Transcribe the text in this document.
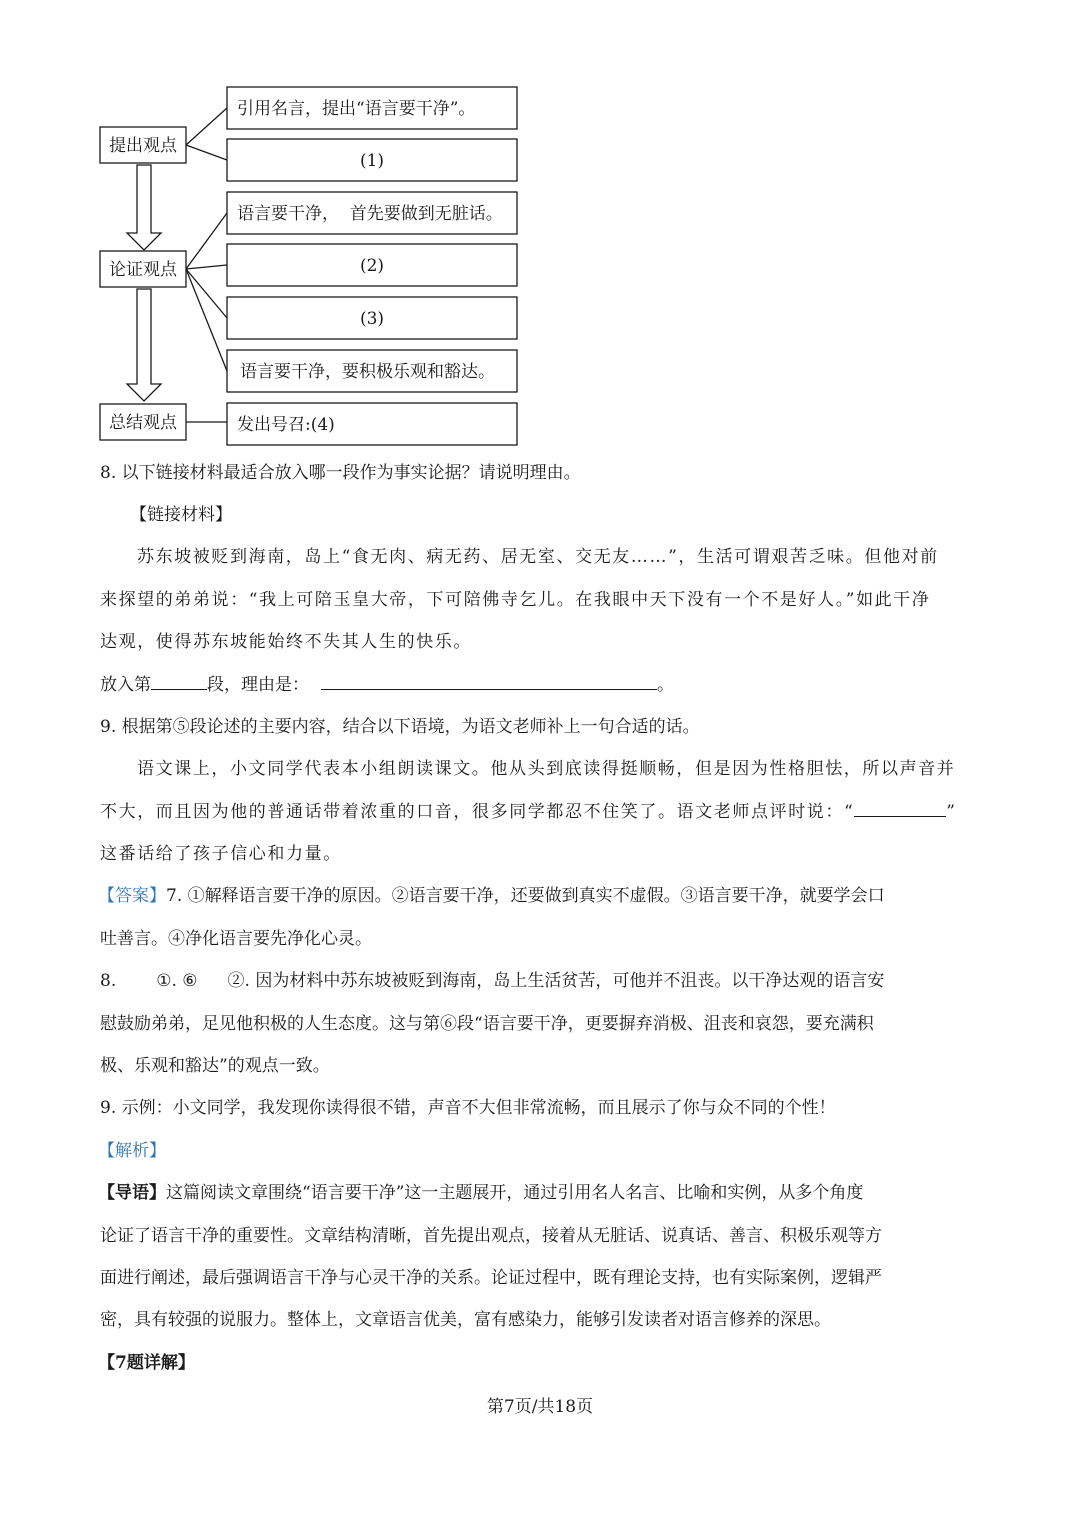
提出观点
论证观点
总结观点
引用名言，提出“语言要干净”。
(1)
语言要干净，  首先要做到无脏话。
(2)
(3)
语言要干净，要积极乐观和豁达。
发出号召:(4)
8. 以下链接材料最适合放入哪一段作为事实论据？请说明理由。
【链接材料】
苏东坡被贬到海南，岛上“食无肉、病无药、居无室、交无友……”，生活可谓艰苦乏味。但他对前
来探望的弟弟说：“我上可陪玉皇大帝，下可陪佛寺乞儿。在我眼中天下没有一个不是好人。”如此干净
达观，使得苏东坡能始终不失其人生的快乐。
放入第	段，理由是：	。
9. 根据第⑤段论述的主要内容，结合以下语境，为语文老师补上一句合适的话。
语文课上，小文同学代表本小组朗读课文。他从头到底读得挺顺畅，但是因为性格胆怯，所以声音并
不大，而且因为他的普通话带着浓重的口音，很多同学都忍不住笑了。语文老师点评时说：“	”
这番话给了孩子信心和力量。
【答案】7. ①解释语言要干净的原因。②语言要干净，还要做到真实不虚假。③语言要干净，就要学会口
吐善言。④净化语言要先净化心灵。
8. ①. ⑥ ②. 因为材料中苏东坡被贬到海南，岛上生活贫苦，可他并不沮丧。以干净达观的语言安
慰鼓励弟弟，足见他积极的人生态度。这与第⑥段“语言要干净，更要摒弃消极、沮丧和哀怨，要充满积
极、乐观和豁达”的观点一致。
9. 示例：小文同学，我发现你读得很不错，声音不大但非常流畅，而且展示了你与众不同的个性！
【解析】
【导语】这篇阅读文章围绕“语言要干净”这一主题展开，通过引用名人名言、比喻和实例，从多个角度
论证了语言干净的重要性。文章结构清晰，首先提出观点，接着从无脏话、说真话、善言、积极乐观等方
面进行阐述，最后强调语言干净与心灵干净的关系。论证过程中，既有理论支持，也有实际案例，逻辑严
密，具有较强的说服力。整体上，文章语言优美，富有感染力，能够引发读者对语言修养的深思。
【7题详解】
第7页/共18页
